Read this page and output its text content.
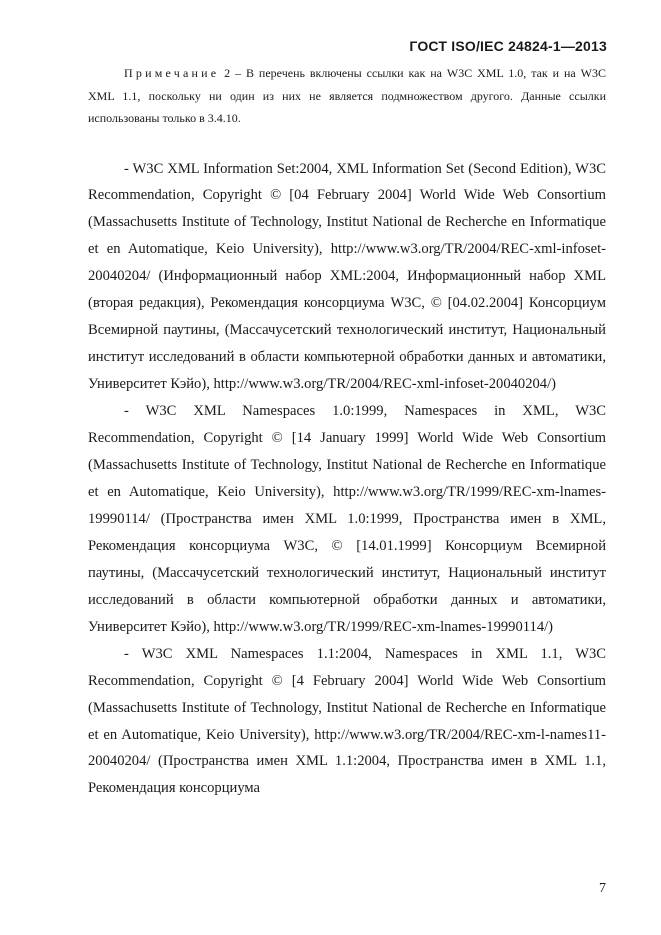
ГОСТ ISO/IEC 24824-1—2013

Примечание 2 – В перечень включены ссылки как на W3C XML 1.0, так и на W3C XML 1.1, поскольку ни один из них не является подмножеством другого. Данные ссылки использованы только в 3.4.10.

- W3C XML Information Set:2004, XML Information Set (Second Edition), W3C Recommendation, Copyright © [04 February 2004] World Wide Web Consortium (Massachusetts Institute of Technology, Institut National de Recherche en Informatique et en Automatique, Keio University), http://www.w3.org/TR/2004/REC-xml-infoset-20040204/ (Информационный набор XML:2004, Информационный набор XML (вторая редакция), Рекомендация консорциума W3C, © [04.02.2004] Консорциум Всемирной паутины, (Массачусетский технологический институт, Национальный институт исследований в области компьютерной обработки данных и автоматики, Университет Кэйо), http://www.w3.org/TR/2004/REC-xml-infoset-20040204/)

- W3C XML Namespaces 1.0:1999, Namespaces in XML, W3C Recommendation, Copyright © [14 January 1999] World Wide Web Consortium (Massachusetts Institute of Technology, Institut National de Recherche en Informatique et en Automatique, Keio University), http://www.w3.org/TR/1999/REC-xm-lnames-19990114/ (Пространства имен XML 1.0:1999, Пространства имен в XML, Рекомендация консорциума W3C, © [14.01.1999] Консорциум Всемирной паутины, (Массачусетский технологический институт, Национальный институт исследований в области компьютерной обработки данных и автоматики, Университет Кэйо), http://www.w3.org/TR/1999/REC-xm-lnames-19990114/)

- W3C XML Namespaces 1.1:2004, Namespaces in XML 1.1, W3C Recommendation, Copyright © [4 February 2004] World Wide Web Consortium (Massachusetts Institute of Technology, Institut National de Recherche en Informatique et en Automatique, Keio University), http://www.w3.org/TR/2004/REC-xm-l-names11-20040204/ (Пространства имен XML 1.1:2004, Пространства имен в XML 1.1, Рекомендация консорциума

7
